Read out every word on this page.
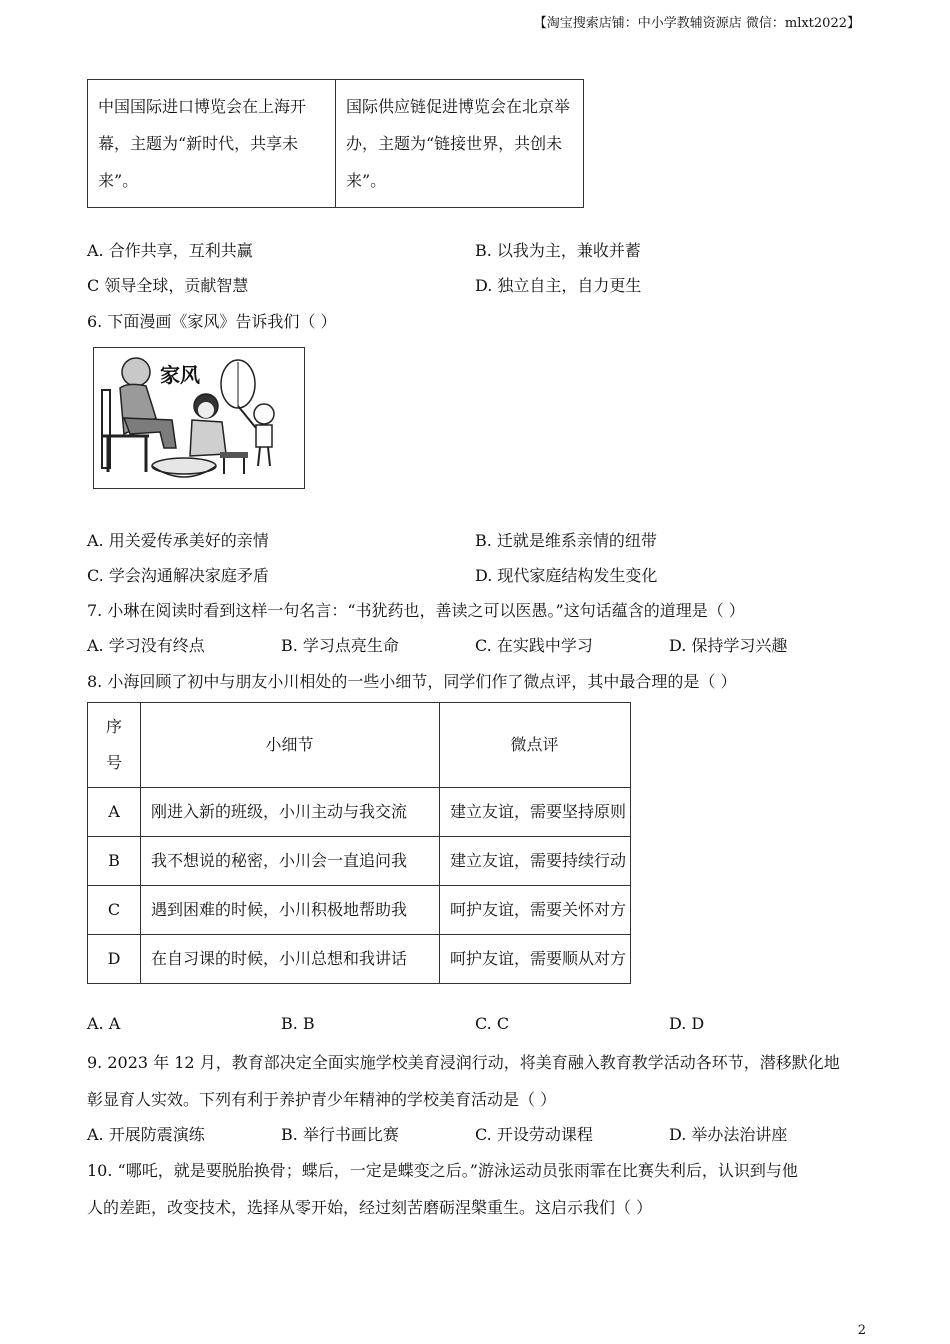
【淘宝搜索店铺：中小学教辅资源店 微信：mlxt2022】
中国国际进口博览会在上海开幕，主题为“新时代，共享未来”。	国际供应链促进博览会在北京举办，主题为“链接世界，共创未来”。
A. 合作共享，互利共赢	B. 以我为主，兼收并蓄
C 领导全球，贡献智慧	D. 独立自主，自力更生
6. 下面漫画《家风》告诉我们（ ）
家风
A. 用关爱传承美好的亲情	B. 迁就是维系亲情的纽带
C. 学会沟通解决家庭矛盾	D. 现代家庭结构发生变化
7. 小琳在阅读时看到这样一句名言：“书犹药也，善读之可以医愚。”这句话蕴含的道理是（ ）
A. 学习没有终点	B. 学习点亮生命	C. 在实践中学习	D. 保持学习兴趣
8. 小海回顾了初中与朋友小川相处的一些小细节，同学们作了微点评，其中最合理的是（ ）
序
号	小细节	微点评
A	刚进入新的班级，小川主动与我交流	建立友谊，需要坚持原则
B	我不想说的秘密，小川会一直追问我	建立友谊，需要持续行动
C	遇到困难的时候，小川积极地帮助我	呵护友谊，需要关怀对方
D	在自习课的时候，小川总想和我讲话	呵护友谊，需要顺从对方
A. A	B. B	C. C	D. D
9. 2023 年 12 月，教育部决定全面实施学校美育浸润行动，将美育融入教育教学活动各环节，潜移默化地
彰显育人实效。下列有利于养护青少年精神的学校美育活动是（ ）
A. 开展防震演练	B. 举行书画比赛	C. 开设劳动课程	D. 举办法治讲座
10. “哪吒，就是要脱胎换骨；蝶后，一定是蝶变之后。”游泳运动员张雨霏在比赛失利后，认识到与他
人的差距，改变技术，选择从零开始，经过刻苦磨砺涅槃重生。这启示我们（ ）
2
